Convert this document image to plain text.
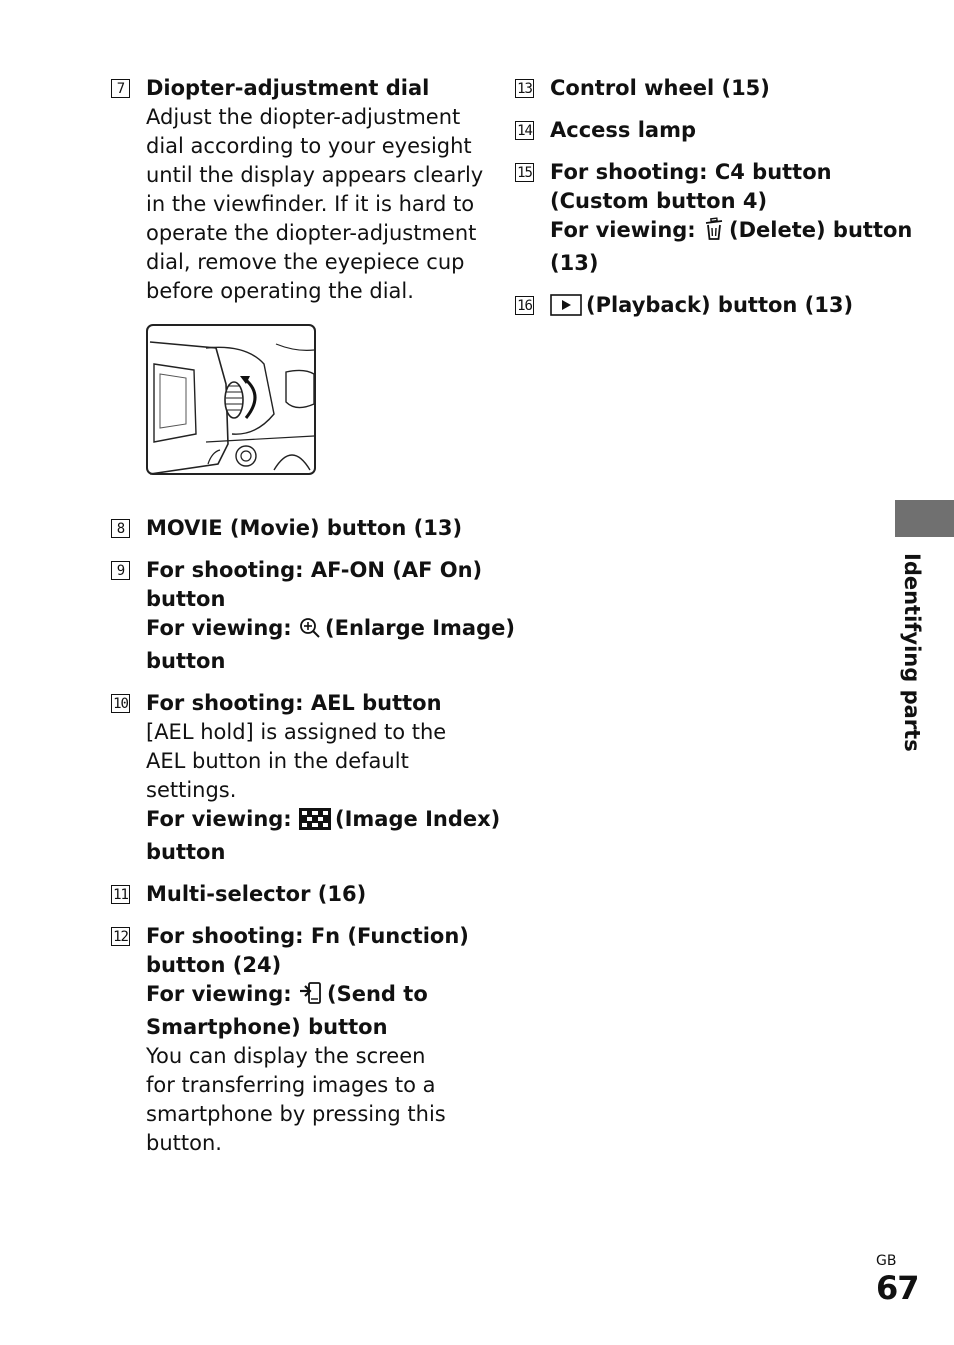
7 Diopter-adjustment dial
Adjust the diopter-adjustment
dial according to your eyesight
until the display appears clearly
in the viewfinder. If it is hard to
operate the diopter-adjustment
dial, remove the eyepiece cup
before operating the dial.
8 MOVIE (Movie) button (13)
9 For shooting: AF-ON (AF On)
button
For viewing: (Enlarge Image)
button
10 For shooting: AEL button
[AEL hold] is assigned to the
AEL button in the default
settings.
For viewing: (Image Index)
button
11 Multi-selector (16)
12 For shooting: Fn (Function)
button (24)
For viewing: (Send to
Smartphone) button
You can display the screen
for transferring images to a
smartphone by pressing this
button.
13 Control wheel (15)
14 Access lamp
15 For shooting: C4 button
(Custom button 4)
For viewing: (Delete) button
(13)
16	(Playback) button (13)
Identifying parts
GB
67
